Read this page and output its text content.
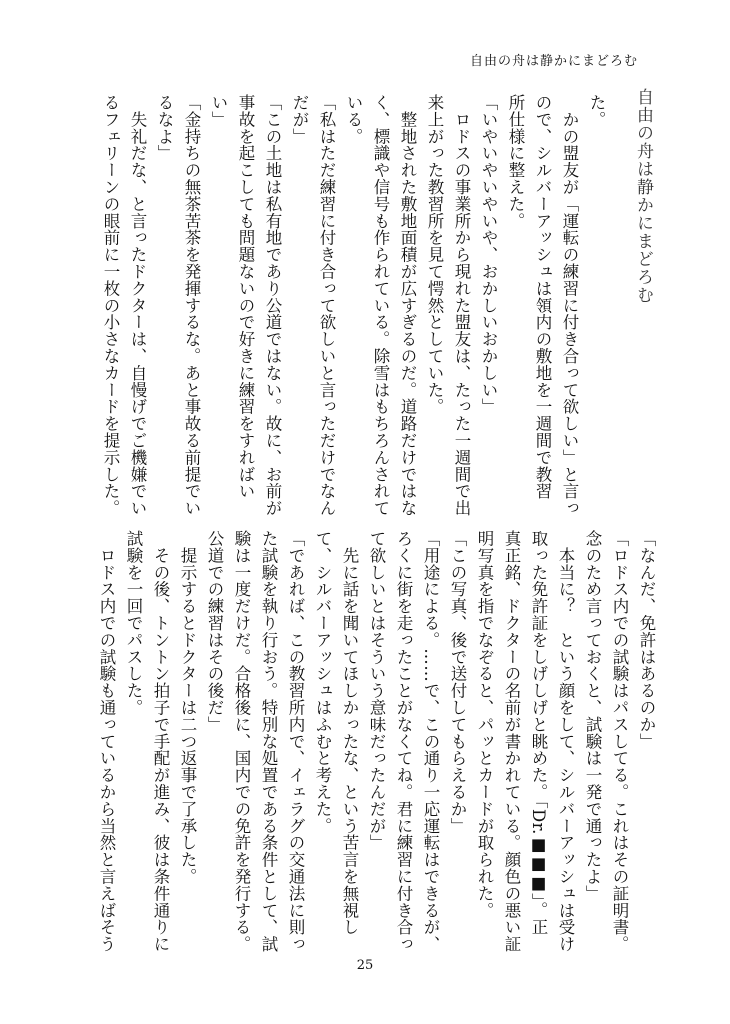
自由の舟は静かにまどろむ
自由の舟は静かにまどろむ
た。
　かの盟友が「運転の練習に付き合って欲しい」と言っ
ので、シルバーアッシュは領内の敷地を一週間で教習
所仕様に整えた。
「いやいやいやいや、おかしいおかしい」
　ロドスの事業所から現れた盟友は、たった一週間で出
来上がった教習所を見て愕然としていた。
　整地された敷地面積が広すぎるのだ。道路だけではな
く、標識や信号も作られている。除雪はもちろんされて
いる。
「私はただ練習に付き合って欲しいと言っただけでなん
だが」
「この土地は私有地であり公道ではない。故に、お前が
事故を起こしても問題ないので好きに練習をすればい
い」
「金持ちの無茶苦茶を発揮するな。あと事故る前提でい
るなよ」
　失礼だな、と言ったドクターは、自慢げでご機嫌でい
るフェリーンの眼前に一枚の小さなカードを提示した。
「なんだ、免許はあるのか」
「ロドス内での試験はパスしてる。これはその証明書。
念のため言っておくと、試験は一発で通ったよ」
　本当に？　という顔をして、シルバーアッシュは受け
取った免許証をしげしげと眺めた。「Dr.■■■」。正
真正銘、ドクターの名前が書かれている。顔色の悪い証
明写真を指でなぞると、パッとカードが取られた。
「この写真、後で送付してもらえるか」
「用途による。……で、この通り一応運転はできるが、
ろくに街を走ったことがなくてね。君に練習に付き合っ
て欲しいとはそういう意味だったんだが」
　先に話を聞いてほしかったな、という苦言を無視し
て、シルバーアッシュはふむと考えた。
「であれば、この教習所内で、イェラグの交通法に則っ
た試験を執り行おう。特別な処置である条件として、試
験は一度だけだ。合格後に、国内での免許を発行する。
公道での練習はその後だ」
　提示するとドクターは二つ返事で了承した。
　その後、トントン拍子で手配が進み、彼は条件通りに
試験を一回でパスした。
　ロドス内での試験も通っているから当然と言えばそう
25
